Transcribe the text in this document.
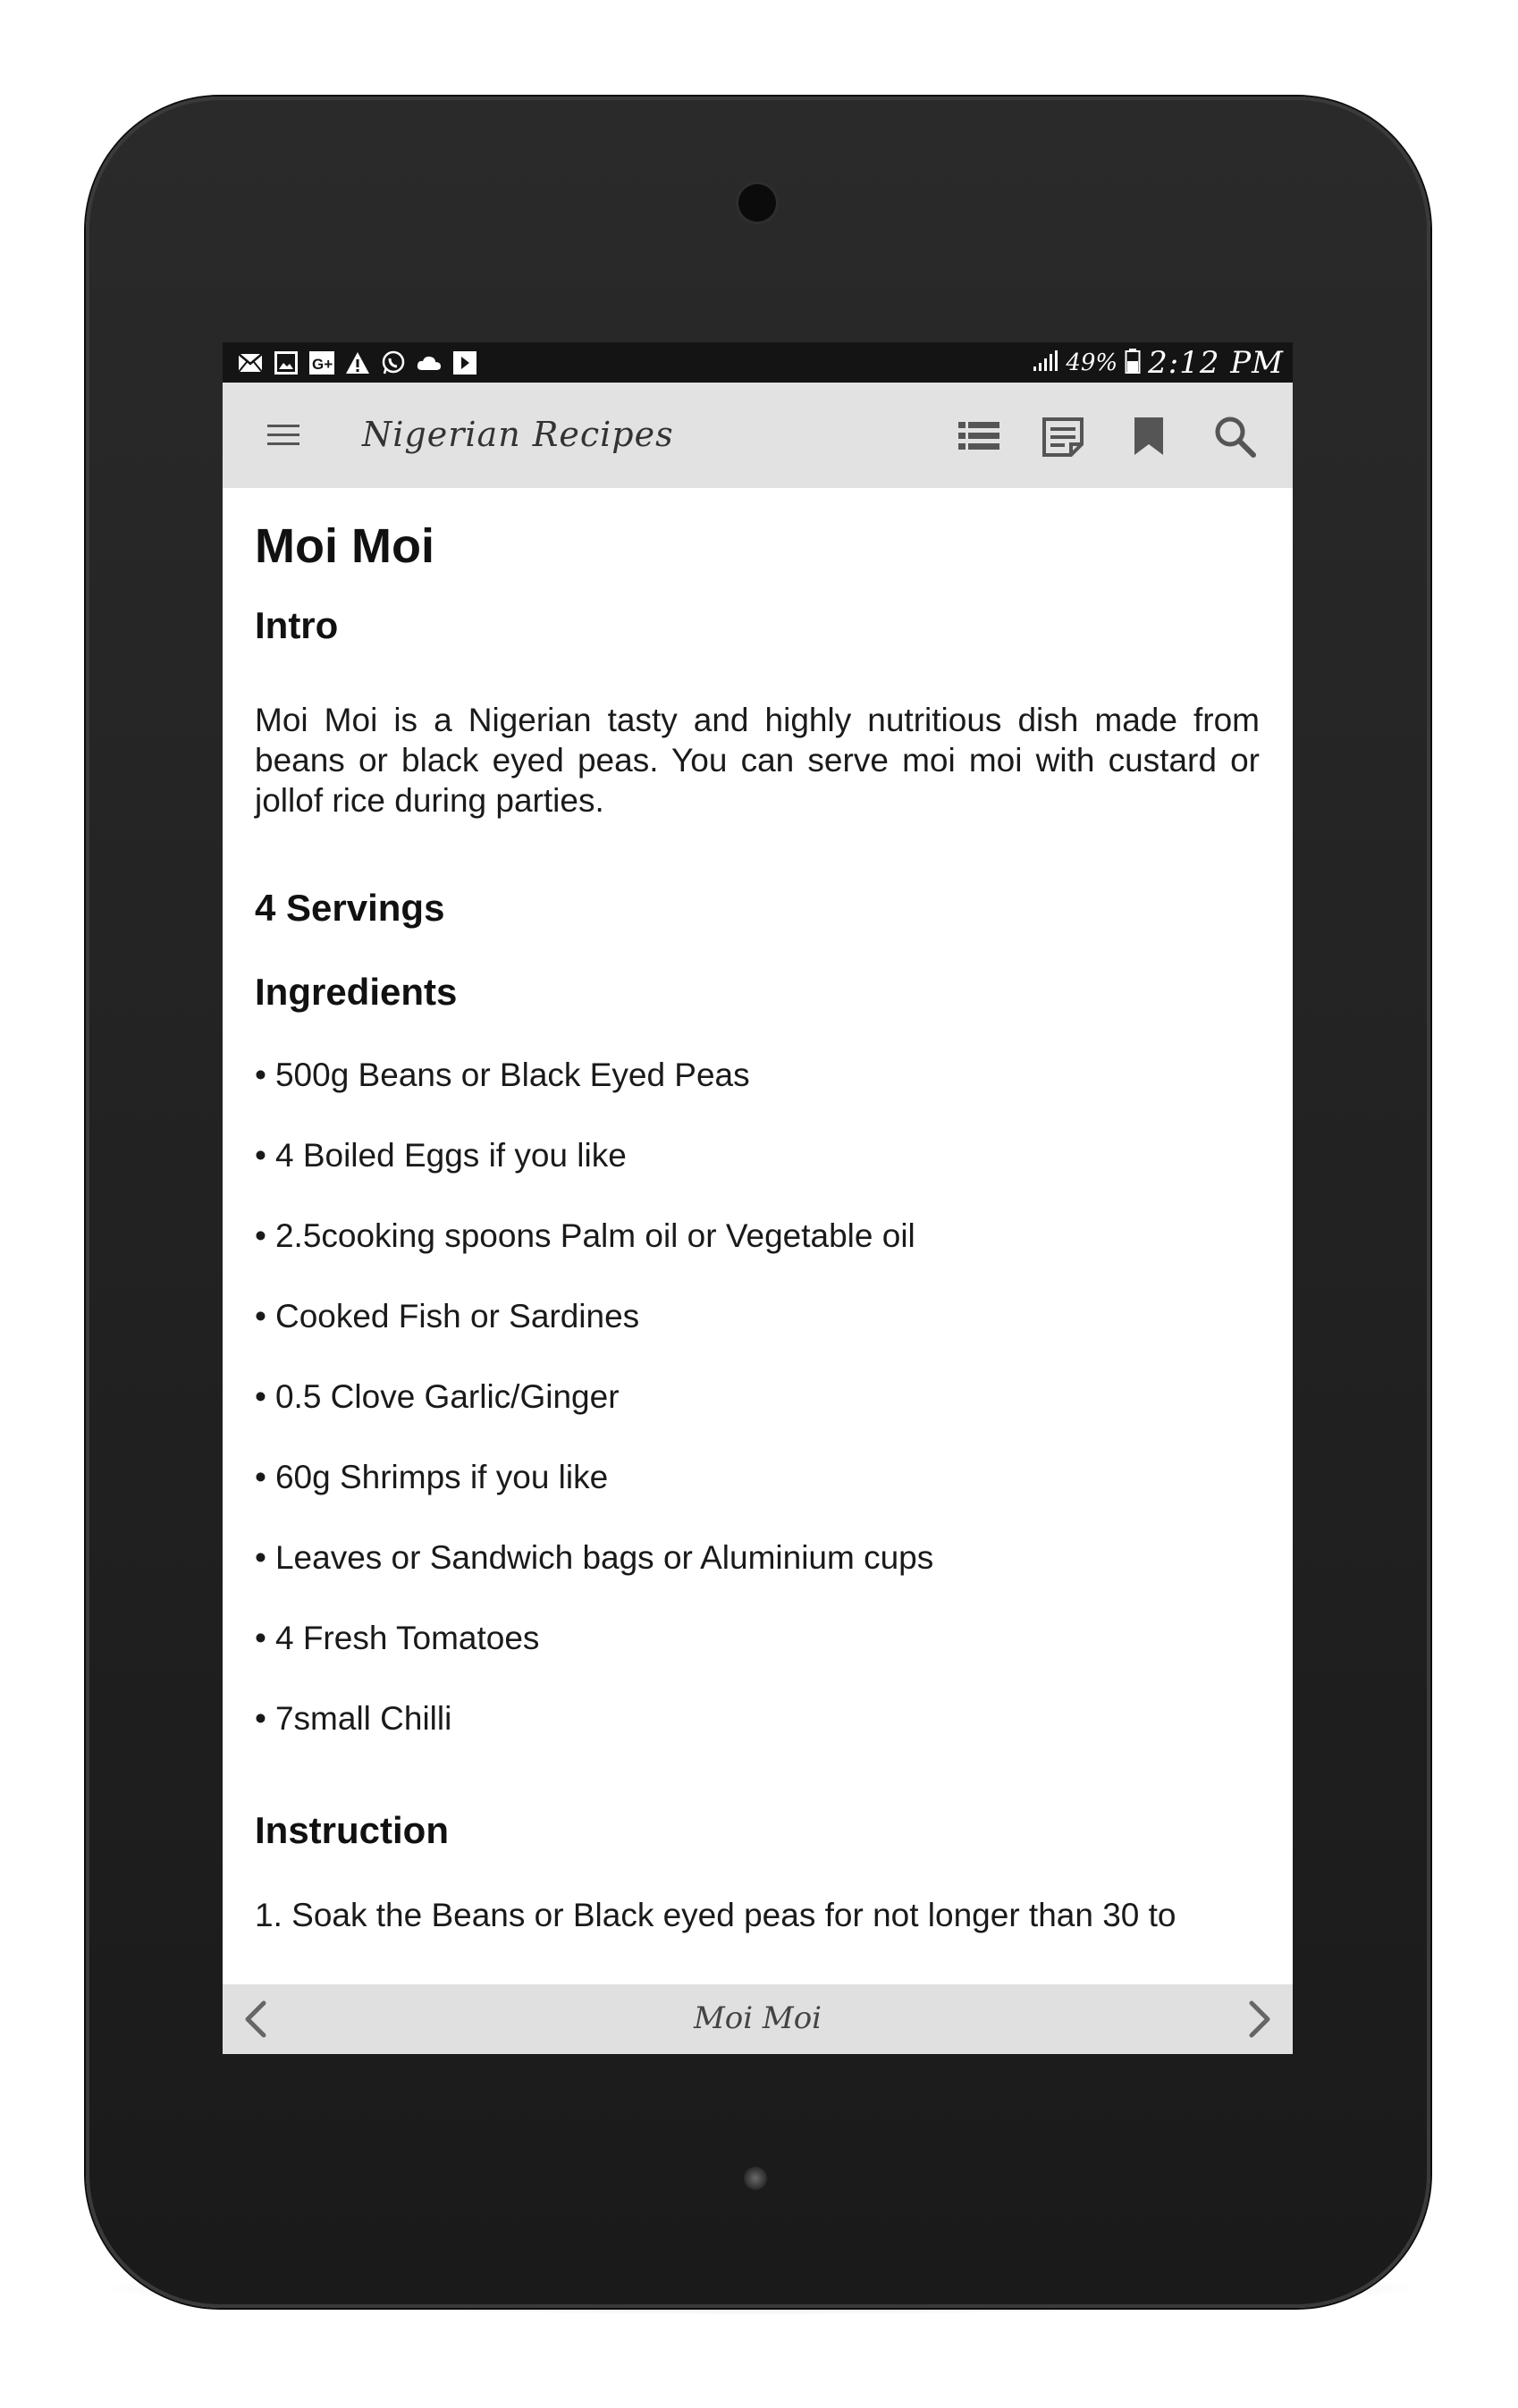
G+	49% 2:12 PM
Nigerian Recipes
Moi Moi
Intro

Moi Moi is a Nigerian tasty and highly nutritious dish made from beans or black eyed peas. You can serve moi moi with custard or jollof rice during parties.

4 Servings
Ingredients
• 500g Beans or Black Eyed Peas
• 4 Boiled Eggs if you like
• 2.5cooking spoons Palm oil or Vegetable oil
• Cooked Fish or Sardines
• 0.5 Clove Garlic/Ginger
• 60g Shrimps if you like
• Leaves or Sandwich bags or Aluminium cups
• 4 Fresh Tomatoes
• 7small Chilli
Instruction

1. Soak the Beans or Black eyed peas for not longer than 30 to

Moi Moi
